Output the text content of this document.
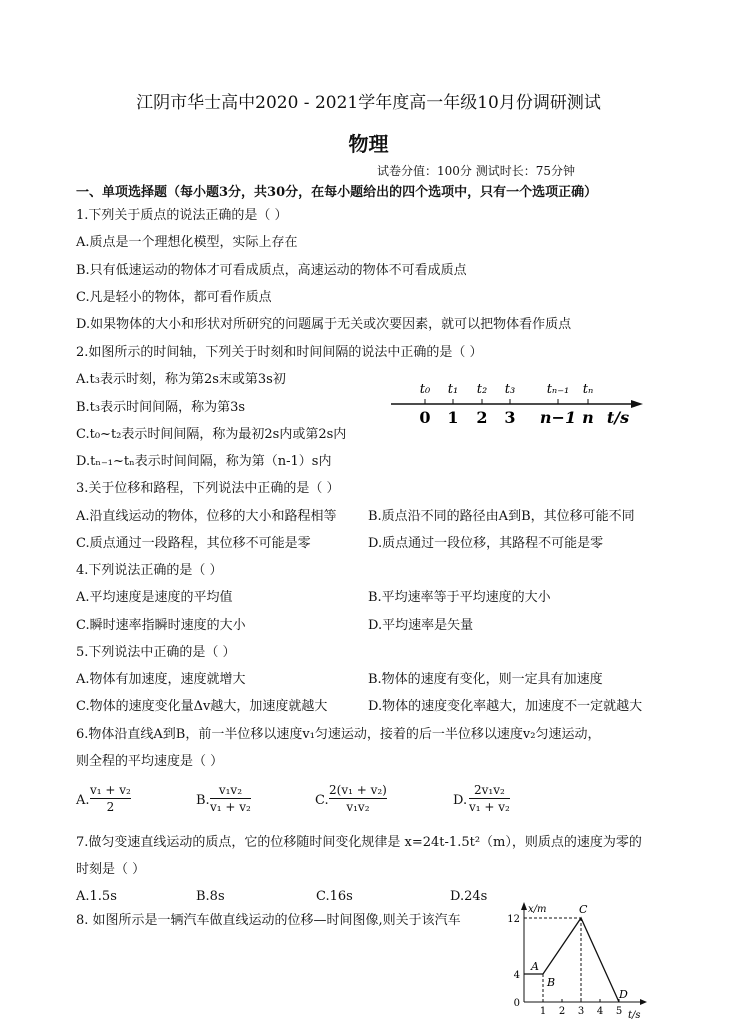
江阴市华士高中2020 - 2021学年度高一年级10月份调研测试
物理
试卷分值：100分 测试时长：75分钟
一、单项选择题（每小题3分，共30分，在每小题给出的四个选项中，只有一个选项正确）
1.下列关于质点的说法正确的是（ ）
A.质点是一个理想化模型，实际上存在
B.只有低速运动的物体才可看成质点，高速运动的物体不可看成质点
C.凡是轻小的物体，都可看作质点
D.如果物体的大小和形状对所研究的问题属于无关或次要因素，就可以把物体看作质点
2.如图所示的时间轴，下列关于时刻和时间间隔的说法中正确的是（ ）
A.t₃表示时刻，称为第2s末或第3s初
B.t₃表示时间间隔，称为第3s
C.t₀~t₂表示时间间隔，称为最初2s内或第2s内
D.tₙ₋₁~tₙ表示时间间隔，称为第（n-1）s内
t₀ t₁ t₂ t₃ tₙ₋₁ tₙ
0 1 2 3 n−1 n t/s
3.关于位移和路程，下列说法中正确的是（ ）
A.沿直线运动的物体，位移的大小和路程相等 B.质点沿不同的路径由A到B，其位移可能不同
C.质点通过一段路程，其位移不可能是零	D.质点通过一段位移，其路程不可能是零
4.下列说法正确的是（ ）
A.平均速度是速度的平均值	B.平均速率等于平均速度的大小
C.瞬时速率指瞬时速度的大小	D.平均速率是矢量
5.下列说法中正确的是（ ）
A.物体有加速度，速度就增大	B.物体的速度有变化，则一定具有加速度
C.物体的速度变化量Δv越大，加速度就越大	D.物体的速度变化率越大，加速度不一定就越大
6.物体沿直线A到B，前一半位移以速度v₁匀速运动，接着的后一半位移以速度v₂匀速运动，
则全程的平均速度是（ ）
A.
v₁ + v₂
2	B.
v₁v₂
v₁ + v₂	C.
2(v₁ + v₂)
v₁v₂	D.
2v₁v₂
v₁ + v₂
7.做匀变速直线运动的质点，它的位移随时间变化规律是 x=24t-1.5t²（m），则质点的速度为零的
时刻是（ ）
A.1.5s	B.8s	C.16s	D.24s
8. 如图所示是一辆汽车做直线运动的位移—时间图像,则关于该汽车
x/m
t/s
1 2 3 4 5
0
4
12
A
B
C
D
